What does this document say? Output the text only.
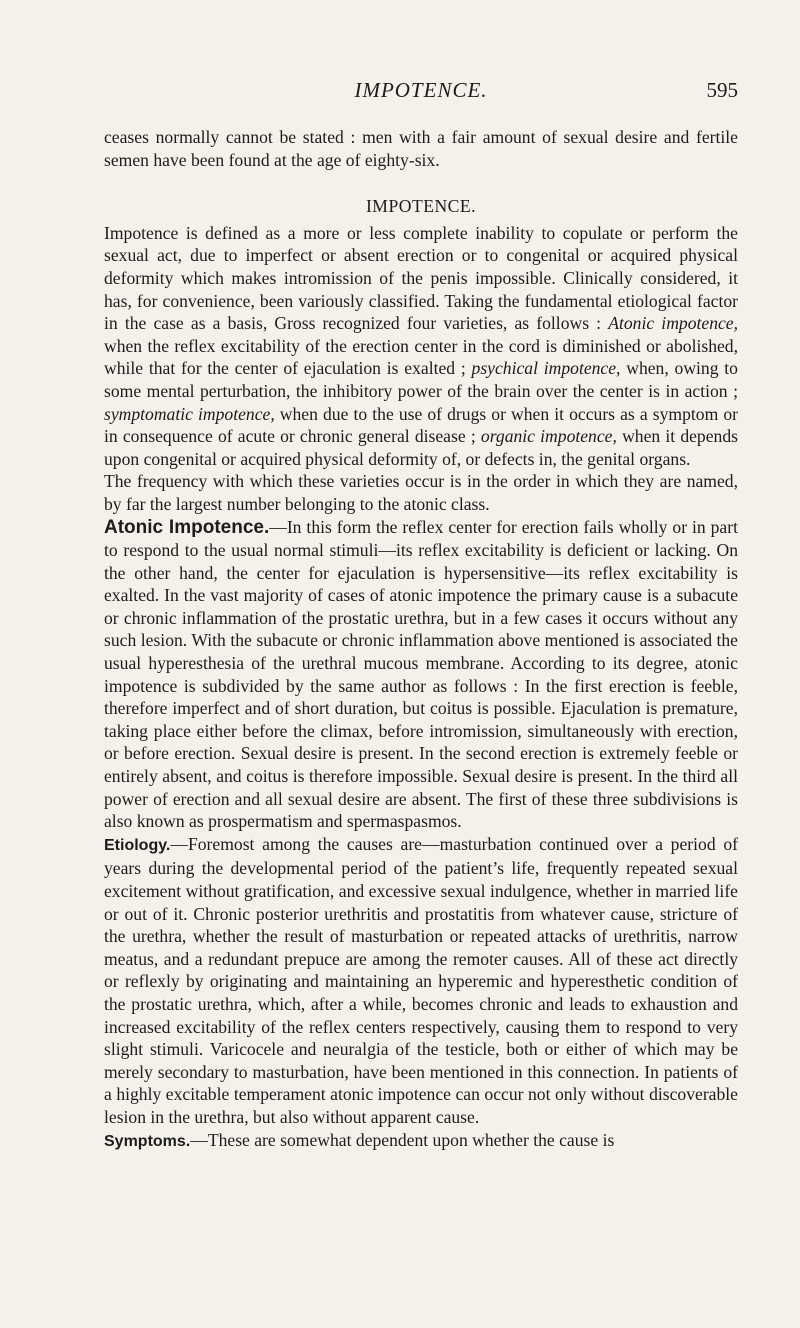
IMPOTENCE.	595

ceases normally cannot be stated : men with a fair amount of sexual desire and fertile semen have been found at the age of eighty-six.

IMPOTENCE.

Impotence is defined as a more or less complete inability to copulate or perform the sexual act, due to imperfect or absent erection or to congenital or acquired physical deformity which makes intromission of the penis impossible. Clinically considered, it has, for convenience, been variously classified. Taking the fundamental etiological factor in the case as a basis, Gross recognized four varieties, as follows : Atonic impotence, when the reflex excitability of the erection center in the cord is diminished or abolished, while that for the center of ejaculation is exalted ; psychical impotence, when, owing to some mental perturbation, the inhibitory power of the brain over the center is in action ; symptomatic impotence, when due to the use of drugs or when it occurs as a symptom or in consequence of acute or chronic general disease ; organic impotence, when it depends upon congenital or acquired physical deformity of, or defects in, the genital organs.

The frequency with which these varieties occur is in the order in which they are named, by far the largest number belonging to the atonic class.

Atonic Impotence.—In this form the reflex center for erection fails wholly or in part to respond to the usual normal stimuli—its reflex excitability is deficient or lacking. On the other hand, the center for ejaculation is hypersensitive—its reflex excitability is exalted. In the vast majority of cases of atonic impotence the primary cause is a subacute or chronic inflammation of the prostatic urethra, but in a few cases it occurs without any such lesion. With the subacute or chronic inflammation above mentioned is associated the usual hyperesthesia of the urethral mucous membrane. According to its degree, atonic impotence is subdivided by the same author as follows : In the first erection is feeble, therefore imperfect and of short duration, but coitus is possible. Ejaculation is premature, taking place either before the climax, before intromission, simultaneously with erection, or before erection. Sexual desire is present. In the second erection is extremely feeble or entirely absent, and coitus is therefore impossible. Sexual desire is present. In the third all power of erection and all sexual desire are absent. The first of these three subdivisions is also known as prospermatism and spermaspasmos.

Etiology.—Foremost among the causes are—masturbation continued over a period of years during the developmental period of the patient’s life, frequently repeated sexual excitement without gratification, and excessive sexual indulgence, whether in married life or out of it. Chronic posterior urethritis and prostatitis from whatever cause, stricture of the urethra, whether the result of masturbation or repeated attacks of urethritis, narrow meatus, and a redundant prepuce are among the remoter causes. All of these act directly or reflexly by originating and maintaining an hyperemic and hyperesthetic condition of the prostatic urethra, which, after a while, becomes chronic and leads to exhaustion and increased excitability of the reflex centers respectively, causing them to respond to very slight stimuli. Varicocele and neuralgia of the testicle, both or either of which may be merely secondary to masturbation, have been mentioned in this connection. In patients of a highly excitable temperament atonic impotence can occur not only without discoverable lesion in the urethra, but also without apparent cause.

Symptoms.—These are somewhat dependent upon whether the cause is
